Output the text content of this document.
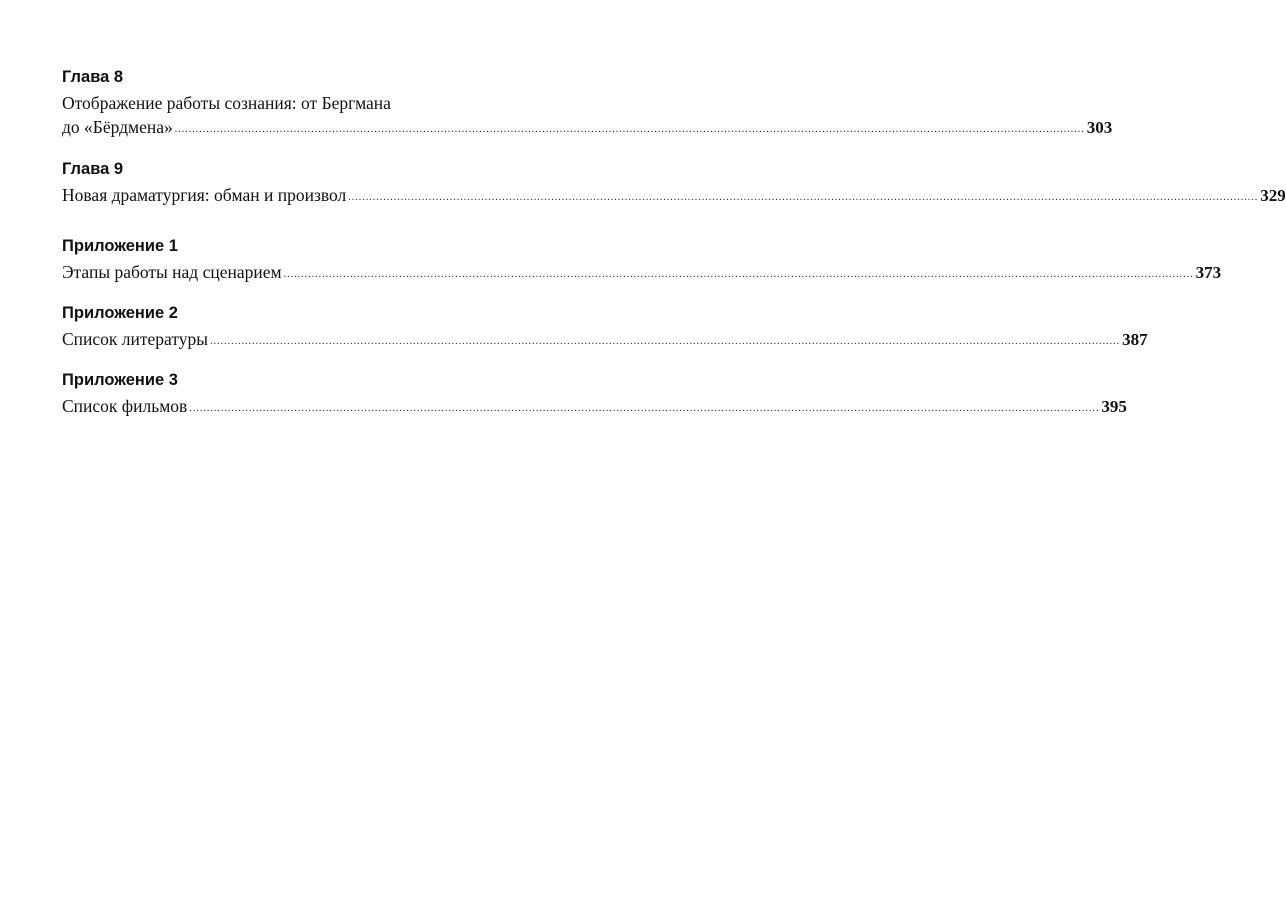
Глава 8
Отображение работы сознания: от Бергмана
до «Бёрдмена» .................................................................................................................................................................................................................................................................... 303
Глава 9
Новая драматургия: обман и произвол .................................................................................................................................................................................................................................................................... 329
Приложение 1
Этапы работы над сценарием .................................................................................................................................................................................................................................................................... 373
Приложение 2
Список литературы .................................................................................................................................................................................................................................................................... 387
Приложение 3
Список фильмов .................................................................................................................................................................................................................................................................... 395
